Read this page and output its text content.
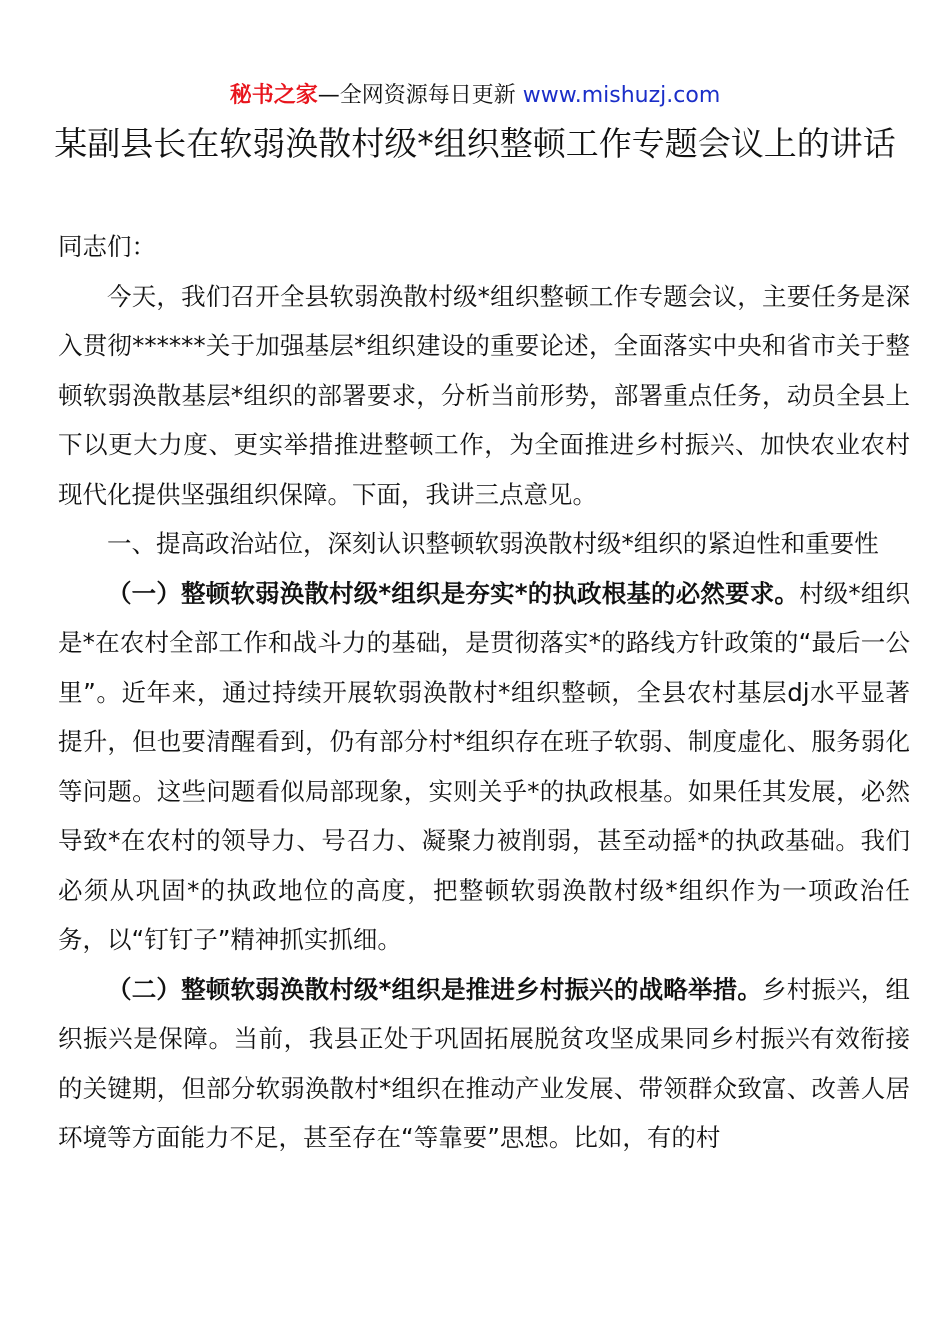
秘书之家—全网资源每日更新 www.mishuzj.com
某副县长在软弱涣散村级*组织整顿工作专题会议上的讲话

同志们：

今天，我们召开全县软弱涣散村级*组织整顿工作专题会议，主要任务是深入贯彻******关于加强基层*组织建设的重要论述，全面落实中央和省市关于整顿软弱涣散基层*组织的部署要求，分析当前形势，部署重点任务，动员全县上下以更大力度、更实举措推进整顿工作，为全面推进乡村振兴、加快农业农村现代化提供坚强组织保障。下面，我讲三点意见。

一、提高政治站位，深刻认识整顿软弱涣散村级*组织的紧迫性和重要性

（一）整顿软弱涣散村级*组织是夯实*的执政根基的必然要求。村级*组织是*在农村全部工作和战斗力的基础，是贯彻落实*的路线方针政策的“最后一公里”。近年来，通过持续开展软弱涣散村*组织整顿，全县农村基层dj水平显著提升，但也要清醒看到，仍有部分村*组织存在班子软弱、制度虚化、服务弱化等问题。这些问题看似局部现象，实则关乎*的执政根基。如果任其发展，必然导致*在农村的领导力、号召力、凝聚力被削弱，甚至动摇*的执政基础。我们必须从巩固*的执政地位的高度，把整顿软弱涣散村级*组织作为一项政治任务，以“钉钉子”精神抓实抓细。

（二）整顿软弱涣散村级*组织是推进乡村振兴的战略举措。乡村振兴，组织振兴是保障。当前，我县正处于巩固拓展脱贫攻坚成果同乡村振兴有效衔接的关键期，但部分软弱涣散村*组织在推动产业发展、带领群众致富、改善人居环境等方面能力不足，甚至存在“等靠要”思想。比如，有的村
